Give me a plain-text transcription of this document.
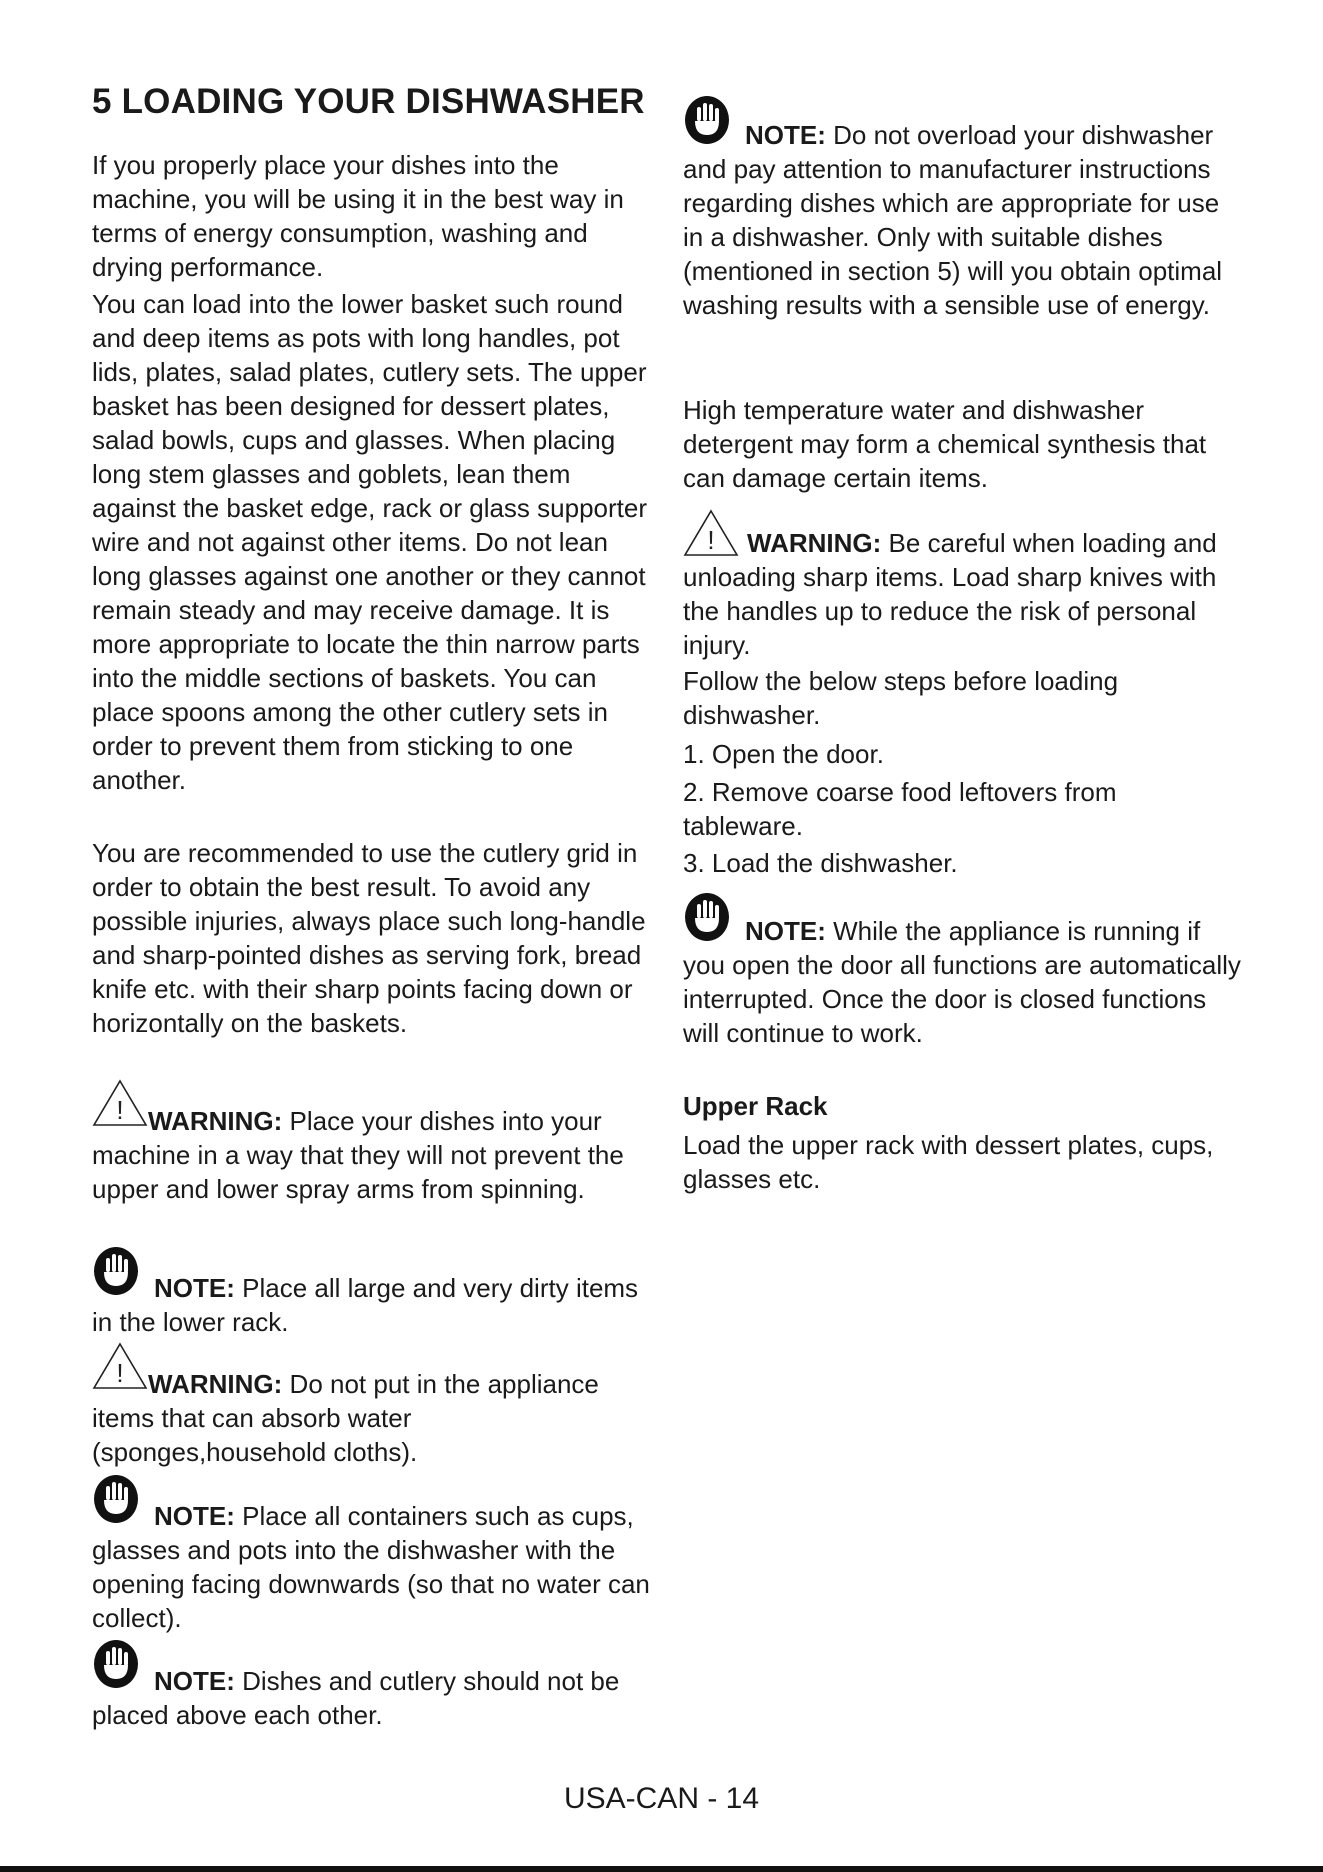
5 LOADING YOUR DISHWASHER

If you properly place your dishes into the machine, you will be using it in the best way in terms of energy consumption, washing and drying performance.

You can load into the lower basket such round and deep items as pots with long handles, pot lids, plates, salad plates, cutlery sets. The upper basket has been designed for dessert plates, salad bowls, cups and glasses. When placing long stem glasses and goblets, lean them against the basket edge, rack or glass supporter wire and not against other items. Do not lean long glasses against one another or they cannot remain steady and may receive damage. It is more appropriate to locate the thin narrow parts into the middle sections of baskets. You can place spoons among the other cutlery sets in order to prevent them from sticking to one another.

You are recommended to use the cutlery grid in order to obtain the best result. To avoid any possible injuries, always place such long-handle and sharp-pointed dishes as serving fork, bread knife etc. with their sharp points facing down or horizontally on the baskets.

! WARNING: Place your dishes into your machine in a way that they will not prevent the upper and lower spray arms from spinning.

NOTE: Place all large and very dirty items in the lower rack.

! WARNING: Do not put in the appliance items that can absorb water (sponges,household cloths).

NOTE: Place all containers such as cups, glasses and pots into the dishwasher with the opening facing downwards (so that no water can collect).

NOTE: Dishes and cutlery should not be placed above each other.

NOTE: Do not overload your dishwasher and pay attention to manufacturer instructions regarding dishes which are appropriate for use in a dishwasher. Only with suitable dishes (mentioned in section 5) will you obtain optimal washing results with a sensible use of energy.

High temperature water and dishwasher detergent may form a chemical synthesis that can damage certain items.

!	WARNING: Be careful when loading and unloading sharp items. Load sharp knives with the handles up to reduce the risk of personal injury.

Follow the below steps before loading dishwasher.

1. Open the door.

2. Remove coarse food leftovers from tableware.

3. Load the dishwasher.

NOTE: While the appliance is running if you open the door all functions are automatically interrupted. Once the door is closed functions will continue to work.

Upper Rack

Load the upper rack with dessert plates, cups, glasses etc.

USA-CAN - 14
